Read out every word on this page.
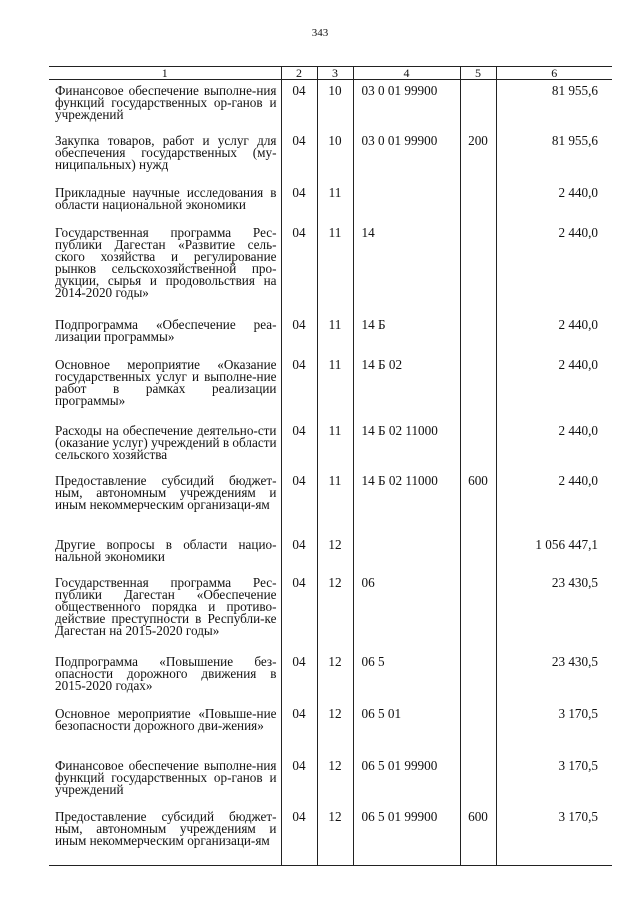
343
1	2	3	4	5	6
Финансовое обеспечение выполне-ния функций государственных ор-ганов и учреждений	04	10	03 0 01 99900		81 955,6
Закупка товаров, работ и услуг для обеспечения государственных (му-ниципальных) нужд	04	10	03 0 01 99900	200	81 955,6
Прикладные научные исследования в области национальной экономики	04	11			2 440,0
Государственная программа Рес-публики Дагестан «Развитие сель-ского хозяйства и регулирование рынков сельскохозяйственной про-дукции, сырья и продовольствия на 2014-2020 годы»	04	11	14		2 440,0
Подпрограмма «Обеспечение реа-лизации программы»	04	11	14 Б		2 440,0
Основное мероприятие «Оказание государственных услуг и выполне-ние работ в рамках реализации программы»	04	11	14 Б 02		2 440,0
Расходы на обеспечение деятельно-сти (оказание услуг) учреждений в области сельского хозяйства	04	11	14 Б 02 11000		2 440,0
Предоставление субсидий бюджет-ным, автономным учреждениям и иным некоммерческим организаци-ям	04	11	14 Б 02 11000	600	2 440,0
Другие вопросы в области нацио-нальной экономики	04	12			1 056 447,1
Государственная программа Рес-публики Дагестан «Обеспечение общественного порядка и противо-действие преступности в Республи-ке Дагестан на 2015-2020 годы»	04	12	06		23 430,5
Подпрограмма «Повышение без-опасности дорожного движения в 2015-2020 годах»	04	12	06 5		23 430,5
Основное мероприятие «Повыше-ние безопасности дорожного дви-жения»	04	12	06 5 01		3 170,5
Финансовое обеспечение выполне-ния функций государственных ор-ганов и учреждений	04	12	06 5 01 99900		3 170,5
Предоставление субсидий бюджет-ным, автономным учреждениям и иным некоммерческим организаци-ям	04	12	06 5 01 99900	600	3 170,5
